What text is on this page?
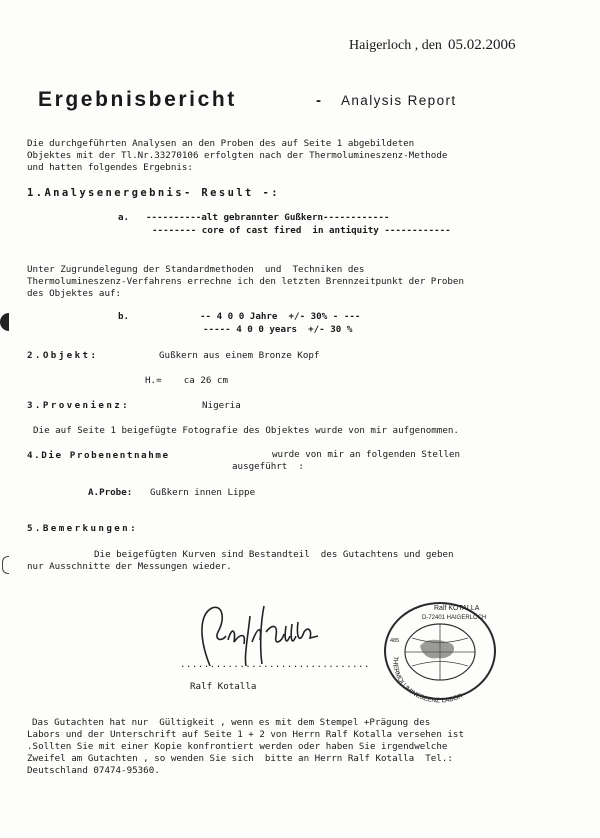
Haigerloch , den 05.02.2006
Ergebnisbericht	- Analysis Report
Die durchgeführten Analysen an den Proben des auf Seite 1 abgebildeten
Objektes mit der Tl.Nr.33270106 erfolgten nach der Thermolumineszenz-Methode
und hatten folgendes Ergebnis:
1.Analysenergebnis- Result -:
a. ----------alt gebrannter Gußkern------------
-------- core of cast fired  in antiquity ------------
Unter Zugrundelegung der Standardmethoden  und  Techniken des
Thermolumineszenz-Verfahrens errechne ich den letzten Brennzeitpunkt der Proben
des Objektes auf:
b.	-- 4 0 0 Jahre  +/- 30% - ---
----- 4 0 0 years  +/- 30 %
2.Objekt:	Gußkern aus einem Bronze Kopf
H.=    ca 26 cm
3.Provenienz:	Nigeria
Die auf Seite 1 beigefügte Fotografie des Objektes wurde von mir aufgenommen.
4.Die Probenentnahme	wurde von mir an folgenden Stellen
ausgeführt  :
A.Probe: Gußkern innen Lippe
5.Bemerkungen:
Die beigefügten Kurven sind Bestandteil  des Gutachtens und geben
nur Ausschnitte der Messungen wieder.
................................
Ralf Kotalla
Ralf KOTALLA
D-72401 HAIGERLOCH
485
THERMOLUMINESZENZ LABOR
Das Gutachten hat nur  Gültigkeit , wenn es mit dem Stempel +Prägung des
Labors und der Unterschrift auf Seite 1 + 2 von Herrn Ralf Kotalla versehen ist
.Sollten Sie mit einer Kopie konfrontiert werden oder haben Sie irgendwelche
Zweifel am Gutachten , so wenden Sie sich  bitte an Herrn Ralf Kotalla  Tel.:
Deutschland 07474-95360.
